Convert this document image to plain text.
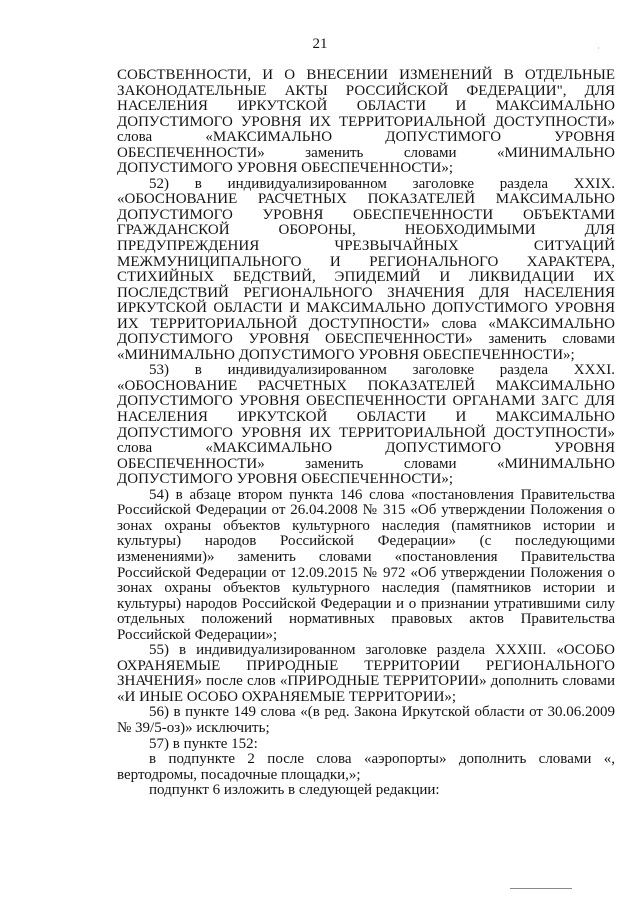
21	·

СОБСТВЕННОСТИ, И О ВНЕСЕНИИ ИЗМЕНЕНИЙ В ОТДЕЛЬНЫЕ ЗАКОНОДАТЕЛЬНЫЕ АКТЫ РОССИЙСКОЙ ФЕДЕРАЦИИ", ДЛЯ НАСЕЛЕНИЯ ИРКУТСКОЙ ОБЛАСТИ И МАКСИМАЛЬНО ДОПУСТИМОГО УРОВНЯ ИХ ТЕРРИТОРИАЛЬНОЙ ДОСТУПНОСТИ» слова «МАКСИМАЛЬНО ДОПУСТИМОГО УРОВНЯ ОБЕСПЕЧЕННОСТИ» заменить словами «МИНИМАЛЬНО ДОПУСТИМОГО УРОВНЯ ОБЕСПЕЧЕННОСТИ»;

52) в индивидуализированном заголовке раздела XXIX. «ОБОСНОВАНИЕ РАСЧЕТНЫХ ПОКАЗАТЕЛЕЙ МАКСИМАЛЬНО ДОПУСТИМОГО УРОВНЯ ОБЕСПЕЧЕННОСТИ ОБЪЕКТАМИ ГРАЖДАНСКОЙ ОБОРОНЫ, НЕОБХОДИМЫМИ ДЛЯ ПРЕДУПРЕЖДЕНИЯ ЧРЕЗВЫЧАЙНЫХ СИТУАЦИЙ МЕЖМУНИЦИПАЛЬНОГО И РЕГИОНАЛЬНОГО ХАРАКТЕРА, СТИХИЙНЫХ БЕДСТВИЙ, ЭПИДЕМИЙ И ЛИКВИДАЦИИ ИХ ПОСЛЕДСТВИЙ РЕГИОНАЛЬНОГО ЗНАЧЕНИЯ ДЛЯ НАСЕЛЕНИЯ ИРКУТСКОЙ ОБЛАСТИ И МАКСИМАЛЬНО ДОПУСТИМОГО УРОВНЯ ИХ ТЕРРИТОРИАЛЬНОЙ ДОСТУПНОСТИ» слова «МАКСИМАЛЬНО ДОПУСТИМОГО УРОВНЯ ОБЕСПЕЧЕННОСТИ» заменить словами «МИНИМАЛЬНО ДОПУСТИМОГО УРОВНЯ ОБЕСПЕЧЕННОСТИ»;

53) в индивидуализированном заголовке раздела XXXI. «ОБОСНОВАНИЕ РАСЧЕТНЫХ ПОКАЗАТЕЛЕЙ МАКСИМАЛЬНО ДОПУСТИМОГО УРОВНЯ ОБЕСПЕЧЕННОСТИ ОРГАНАМИ ЗАГС ДЛЯ НАСЕЛЕНИЯ ИРКУТСКОЙ ОБЛАСТИ И МАКСИМАЛЬНО ДОПУСТИМОГО УРОВНЯ ИХ ТЕРРИТОРИАЛЬНОЙ ДОСТУПНОСТИ» слова «МАКСИМАЛЬНО ДОПУСТИМОГО УРОВНЯ ОБЕСПЕЧЕННОСТИ» заменить словами «МИНИМАЛЬНО ДОПУСТИМОГО УРОВНЯ ОБЕСПЕЧЕННОСТИ»;

54) в абзаце втором пункта 146 слова «постановления Правительства Российской Федерации от 26.04.2008 № 315 «Об утверждении Положения о зонах охраны объектов культурного наследия (памятников истории и культуры) народов Российской Федерации» (с последующими изменениями)» заменить словами «постановления Правительства Российской Федерации от 12.09.2015 № 972 «Об утверждении Положения о зонах охраны объектов культурного наследия (памятников истории и культуры) народов Российской Федерации и о признании утратившими силу отдельных положений нормативных правовых актов Правительства Российской Федерации»;

55) в индивидуализированном заголовке раздела XXXIII. «ОСОБО ОХРАНЯЕМЫЕ ПРИРОДНЫЕ ТЕРРИТОРИИ РЕГИОНАЛЬНОГО ЗНАЧЕНИЯ» после слов «ПРИРОДНЫЕ ТЕРРИТОРИИ» дополнить словами «И ИНЫЕ ОСОБО ОХРАНЯЕМЫЕ ТЕРРИТОРИИ»;

56) в пункте 149 слова «(в ред. Закона Иркутской области от 30.06.2009 № 39/5-оз)» исключить;

57) в пункте 152:

в подпункте 2 после слова «аэропорты» дополнить словами «, вертодромы, посадочные площадки,»;

подпункт 6 изложить в следующей редакции:
